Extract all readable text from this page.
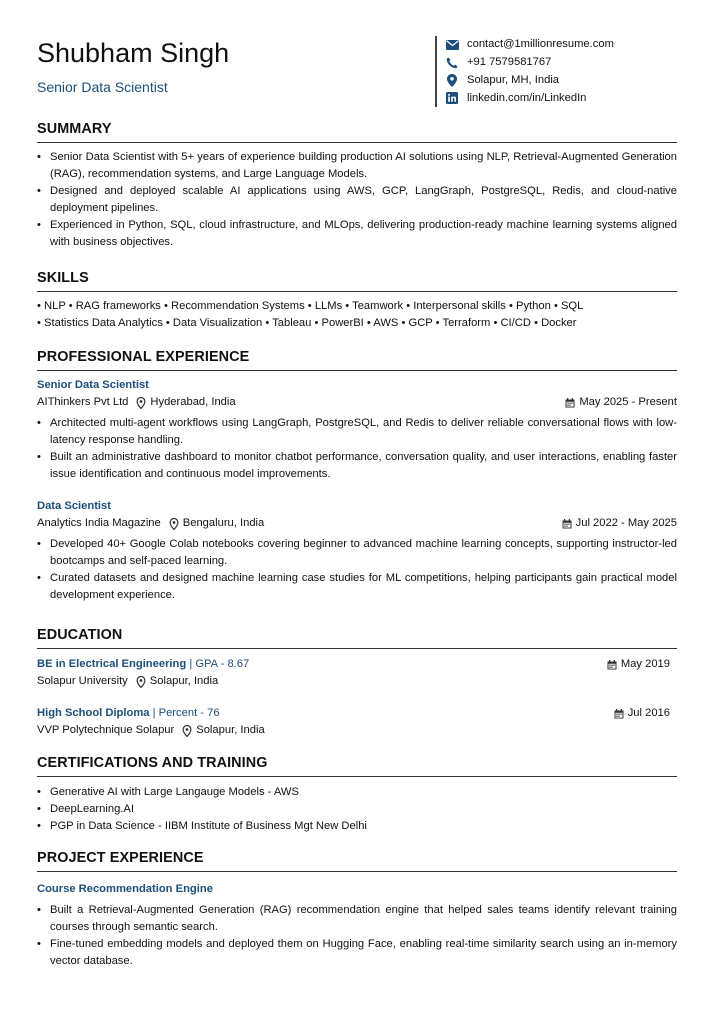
Shubham Singh
Senior Data Scientist
contact@1millionresume.com
+91 7579581767
Solapur, MH, India
linkedin.com/in/LinkedIn
SUMMARY
• Senior Data Scientist with 5+ years of experience building production AI solutions using NLP, Retrieval-Augmented Generation (RAG), recommendation systems, and Large Language Models.
• Designed and deployed scalable AI applications using AWS, GCP, LangGraph, PostgreSQL, Redis, and cloud-native deployment pipelines.
• Experienced in Python, SQL, cloud infrastructure, and MLOps, delivering production-ready machine learning systems aligned with business objectives.
SKILLS
• NLP • RAG frameworks • Recommendation Systems • LLMs • Teamwork • Interpersonal skills • Python • SQL
• Statistics Data Analytics • Data Visualization • Tableau • PowerBI • AWS • GCP • Terraform • CI/CD • Docker
PROFESSIONAL EXPERIENCE
Senior Data Scientist
AIThinkers Pvt Ltd Hyderabad, India	May 2025 - Present
• Architected multi-agent workflows using LangGraph, PostgreSQL, and Redis to deliver reliable conversational flows with low-latency response handling.
• Built an administrative dashboard to monitor chatbot performance, conversation quality, and user interactions, enabling faster issue identification and continuous model improvements.
Data Scientist
Analytics India Magazine Bengaluru, India	Jul 2022 - May 2025
• Developed 40+ Google Colab notebooks covering beginner to advanced machine learning concepts, supporting instructor-led bootcamps and self-paced learning.
• Curated datasets and designed machine learning case studies for ML competitions, helping participants gain practical model development experience.
EDUCATION
BE in Electrical Engineering | GPA - 8.67	May 2019
Solapur University Solapur, India
High School Diploma | Percent - 76	Jul 2016
VVP Polytechnique Solapur Solapur, India
CERTIFICATIONS AND TRAINING
• Generative AI with Large Langauge Models - AWS
• DeepLearning.AI
• PGP in Data Science - IIBM Institute of Business Mgt New Delhi
PROJECT EXPERIENCE
Course Recommendation Engine
• Built a Retrieval-Augmented Generation (RAG) recommendation engine that helped sales teams identify relevant training courses through semantic search.
• Fine-tuned embedding models and deployed them on Hugging Face, enabling real-time similarity search using an in-memory vector database.
